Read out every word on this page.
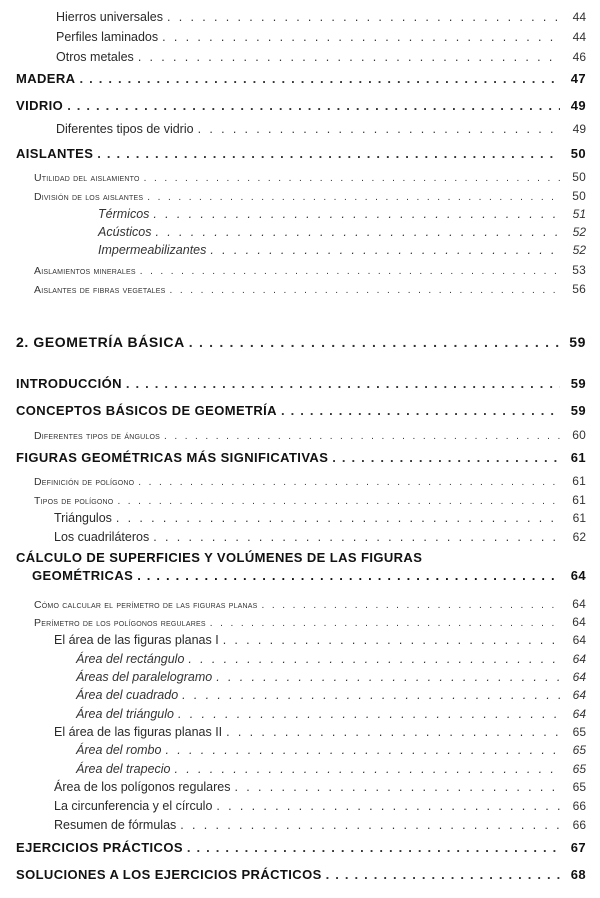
Hierros universales . . .	44
Perfiles laminados . . .	44
Otros metales . . .	46
MADERA . . .	47
VIDRIO . . .	49
Diferentes tipos de vidrio . . .	49
AISLANTES . . .	50
Utilidad del aislamiento . . .	50
División de los aislantes . . .	50
Térmicos . . .	51
Acústicos . . .	52
Impermeabilizantes . . .	52
Aislamientos minerales . . .	53
Aislantes de fibras vegetales . . .	56
2. GEOMETRÍA BÁSICA . . .	59
INTRODUCCIÓN . . .	59
CONCEPTOS BÁSICOS DE GEOMETRÍA . . .	59
Diferentes tipos de ángulos . . .	60
FIGURAS GEOMÉTRICAS MÁS SIGNIFICATIVAS . . .	61
Definición de polígono . . .	61
Tipos de polígono . . .	61
Triángulos . . .	61
Los cuadriláteros . . .	62
Cómo calcular el perímetro de las figuras planas . . .	64
Perímetro de los polígonos regulares . . .	64
El área de las figuras planas I . . .	64
Área del rectángulo . . .	64
Áreas del paralelogramo . . .	64
Área del cuadrado . . .	64
Área del triángulo . . .	64
El área de las figuras planas II . . .	65
Área del rombo . . .	65
Área del trapecio . . .	65
Área de los polígonos regulares . . .	65
La circunferencia y el círculo . . .	66
Resumen de fórmulas . . .	66
EJERCICIOS PRÁCTICOS . . .	67
SOLUCIONES A LOS EJERCICIOS PRÁCTICOS . . .	68
CÁLCULO DE SUPERFICIES Y VOLÚMENES DE LAS FIGURAS
GEOMÉTRICAS . . .	64
